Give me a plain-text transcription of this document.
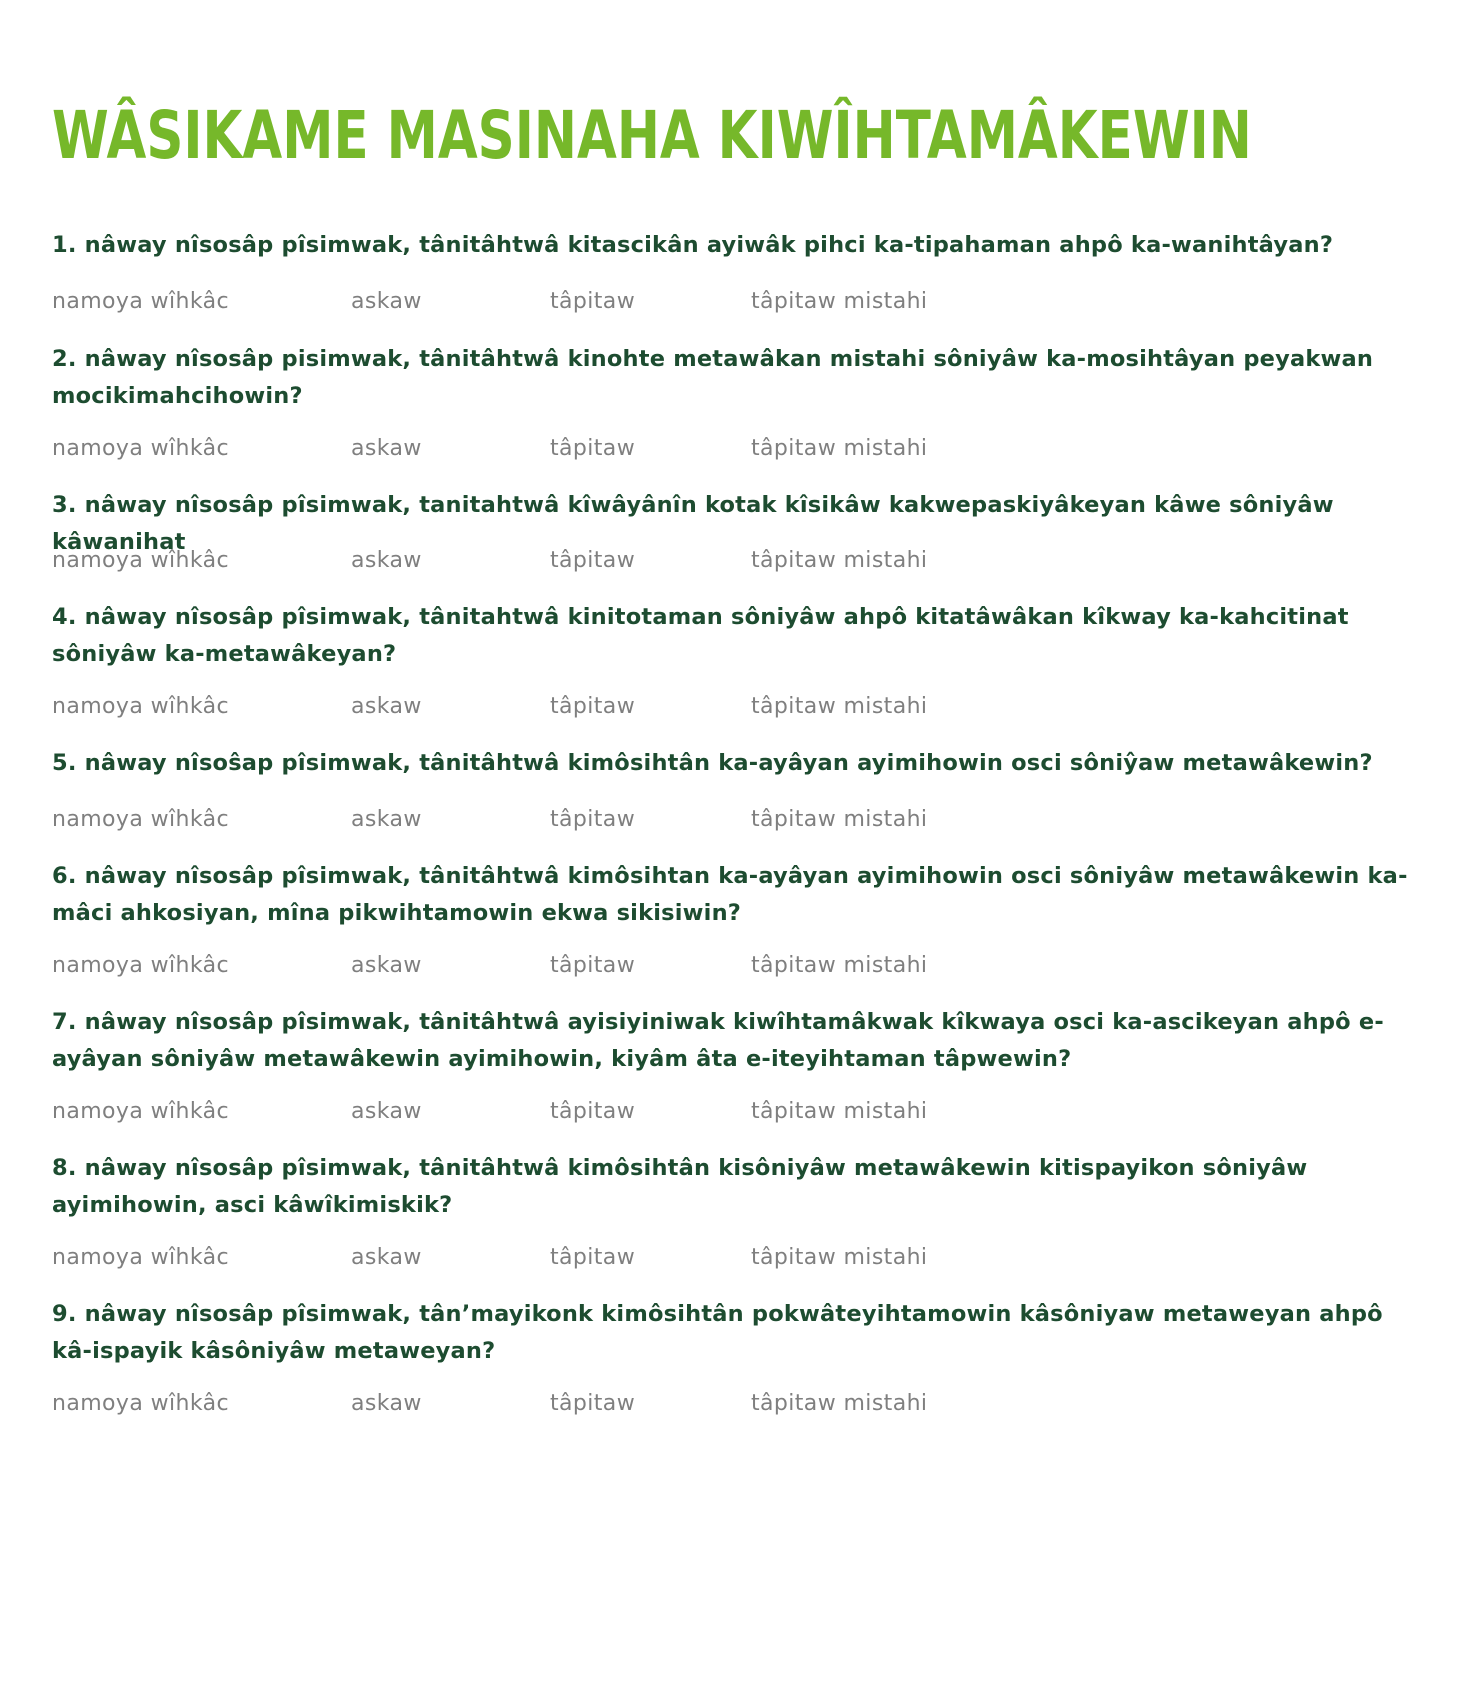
WÂSIKAME MASINAHA KIWÎHTAMÂKEWIN

1. nâway nîsosâp pîsimwak, tânitâhtwâ kitascikân ayiwâk pihci ka-tipahaman ahpô ka-wanihtâyan?

namoya wîhkâc	askaw	tâpitaw	tâpitaw mistahi

2. nâway nîsosâp pisimwak, tânitâhtwâ kinohte metawâkan mistahi sôniyâw ka-mosihtâyan peyakwan mocikimahcihowin?

namoya wîhkâc	askaw	tâpitaw	tâpitaw mistahi

3. nâway nîsosâp pîsimwak, tanitahtwâ kîwâyânîn kotak kîsikâw kakwepaskiyâkeyan kâwe sôniyâw kâwanihat

namoya wîhkâc	askaw	tâpitaw	tâpitaw mistahi

4. nâway nîsosâp pîsimwak, tânitahtwâ kinitotaman sôniyâw ahpô kitatâwâkan kîkway ka-kahcitinat sôniyâw ka-metawâkeyan?

namoya wîhkâc	askaw	tâpitaw	tâpitaw mistahi

5. nâway nîsoŝap pîsimwak, tânitâhtwâ kimôsihtân ka-ayâyan ayimihowin osci sôniŷaw metawâkewin?

namoya wîhkâc	askaw	tâpitaw	tâpitaw mistahi

6. nâway nîsosâp pîsimwak, tânitâhtwâ kimôsihtan ka-ayâyan ayimihowin osci sôniyâw metawâkewin ka-mâci ahkosiyan, mîna pikwihtamowin ekwa sikisiwin?

namoya wîhkâc	askaw	tâpitaw	tâpitaw mistahi

7. nâway nîsosâp pîsimwak, tânitâhtwâ ayisiyiniwak kiwîhtamâkwak kîkwaya osci ka-ascikeyan ahpô e-ayâyan sôniyâw metawâkewin ayimihowin, kiyâm âta e-iteyihtaman tâpwewin?

namoya wîhkâc	askaw	tâpitaw	tâpitaw mistahi

8. nâway nîsosâp pîsimwak, tânitâhtwâ kimôsihtân kisôniyâw metawâkewin kitispayikon sôniyâw ayimihowin, asci kâwîkimiskik?

namoya wîhkâc	askaw	tâpitaw	tâpitaw mistahi

9. nâway nîsosâp pîsimwak, tân’mayikonk kimôsihtân pokwâteyihtamowin kâsôniyaw metaweyan ahpô kâ-ispayik kâsôniyâw metaweyan?

namoya wîhkâc	askaw	tâpitaw	tâpitaw mistahi
